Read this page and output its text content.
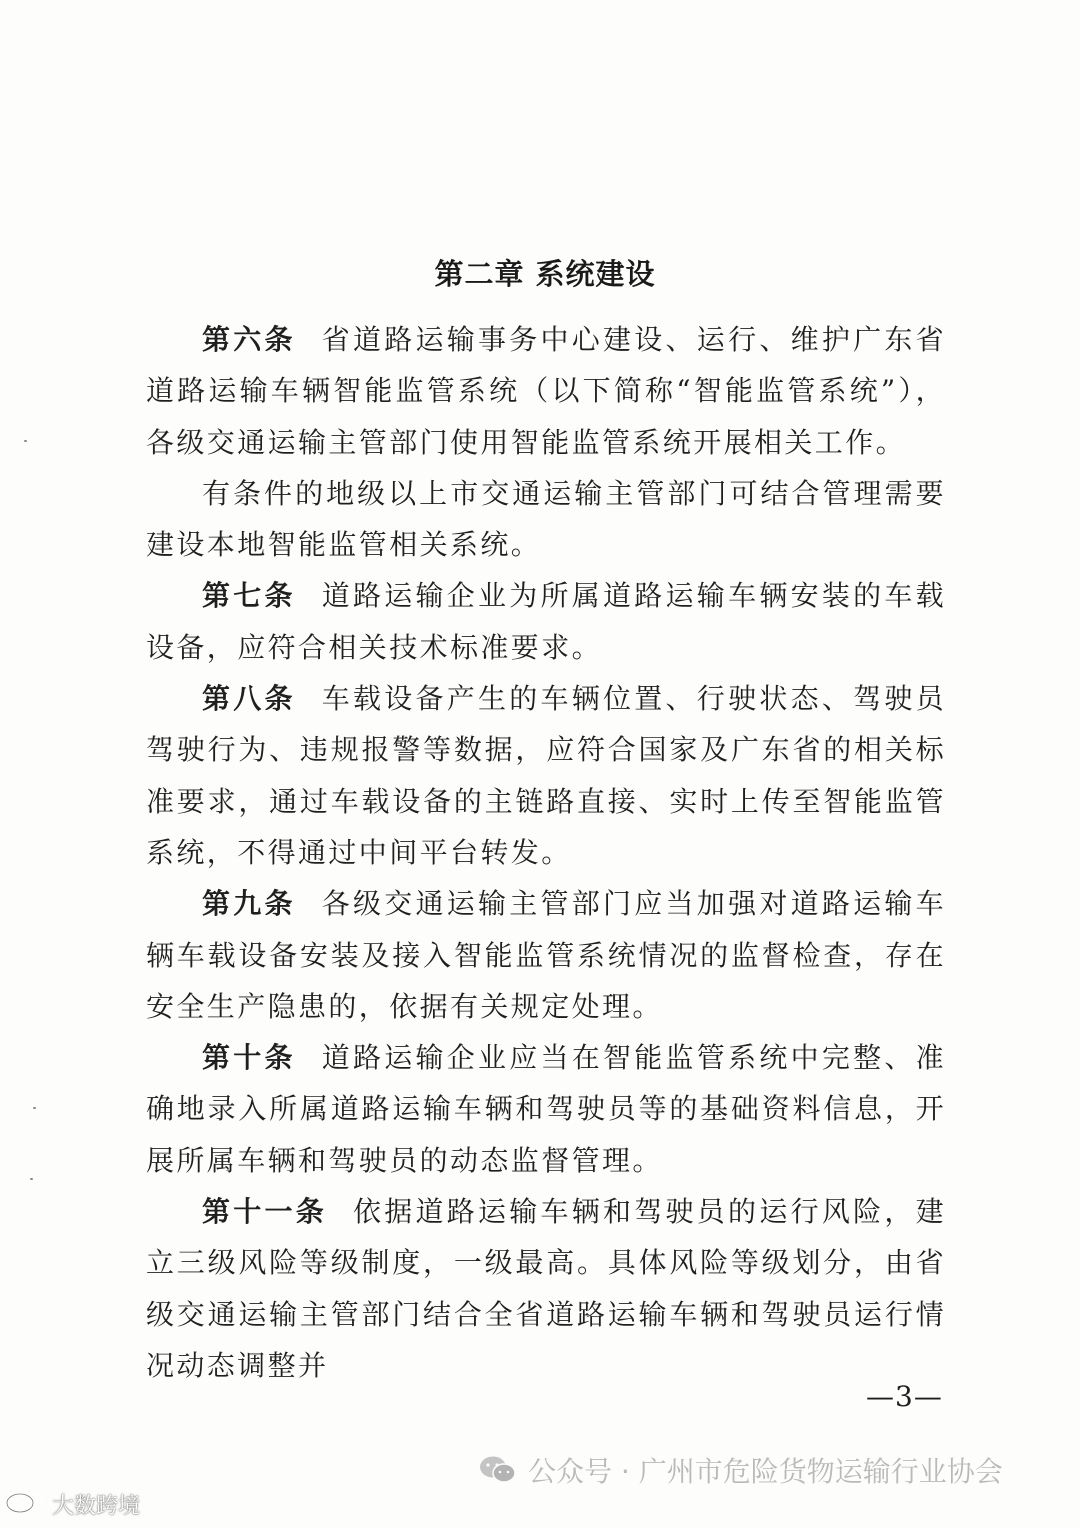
第二章 系统建设

第六条 省道路运输事务中心建设、运行、维护广东省道路运输车辆智能监管系统（以下简称“智能监管系统”），各级交通运输主管部门使用智能监管系统开展相关工作。

有条件的地级以上市交通运输主管部门可结合管理需要建设本地智能监管相关系统。

第七条 道路运输企业为所属道路运输车辆安装的车载设备，应符合相关技术标准要求。

第八条 车载设备产生的车辆位置、行驶状态、驾驶员驾驶行为、违规报警等数据，应符合国家及广东省的相关标准要求，通过车载设备的主链路直接、实时上传至智能监管系统，不得通过中间平台转发。

第九条 各级交通运输主管部门应当加强对道路运输车辆车载设备安装及接入智能监管系统情况的监督检查，存在安全生产隐患的，依据有关规定处理。

第十条 道路运输企业应当在智能监管系统中完整、准确地录入所属道路运输车辆和驾驶员等的基础资料信息，开展所属车辆和驾驶员的动态监督管理。

第十一条 依据道路运输车辆和驾驶员的运行风险，建立三级风险等级制度，一级最高。具体风险等级划分，由省级交通运输主管部门结合全省道路运输车辆和驾驶员运行情况动态调整并

—3—
公众号 · 广州市危险货物运输行业协会
大数跨境
